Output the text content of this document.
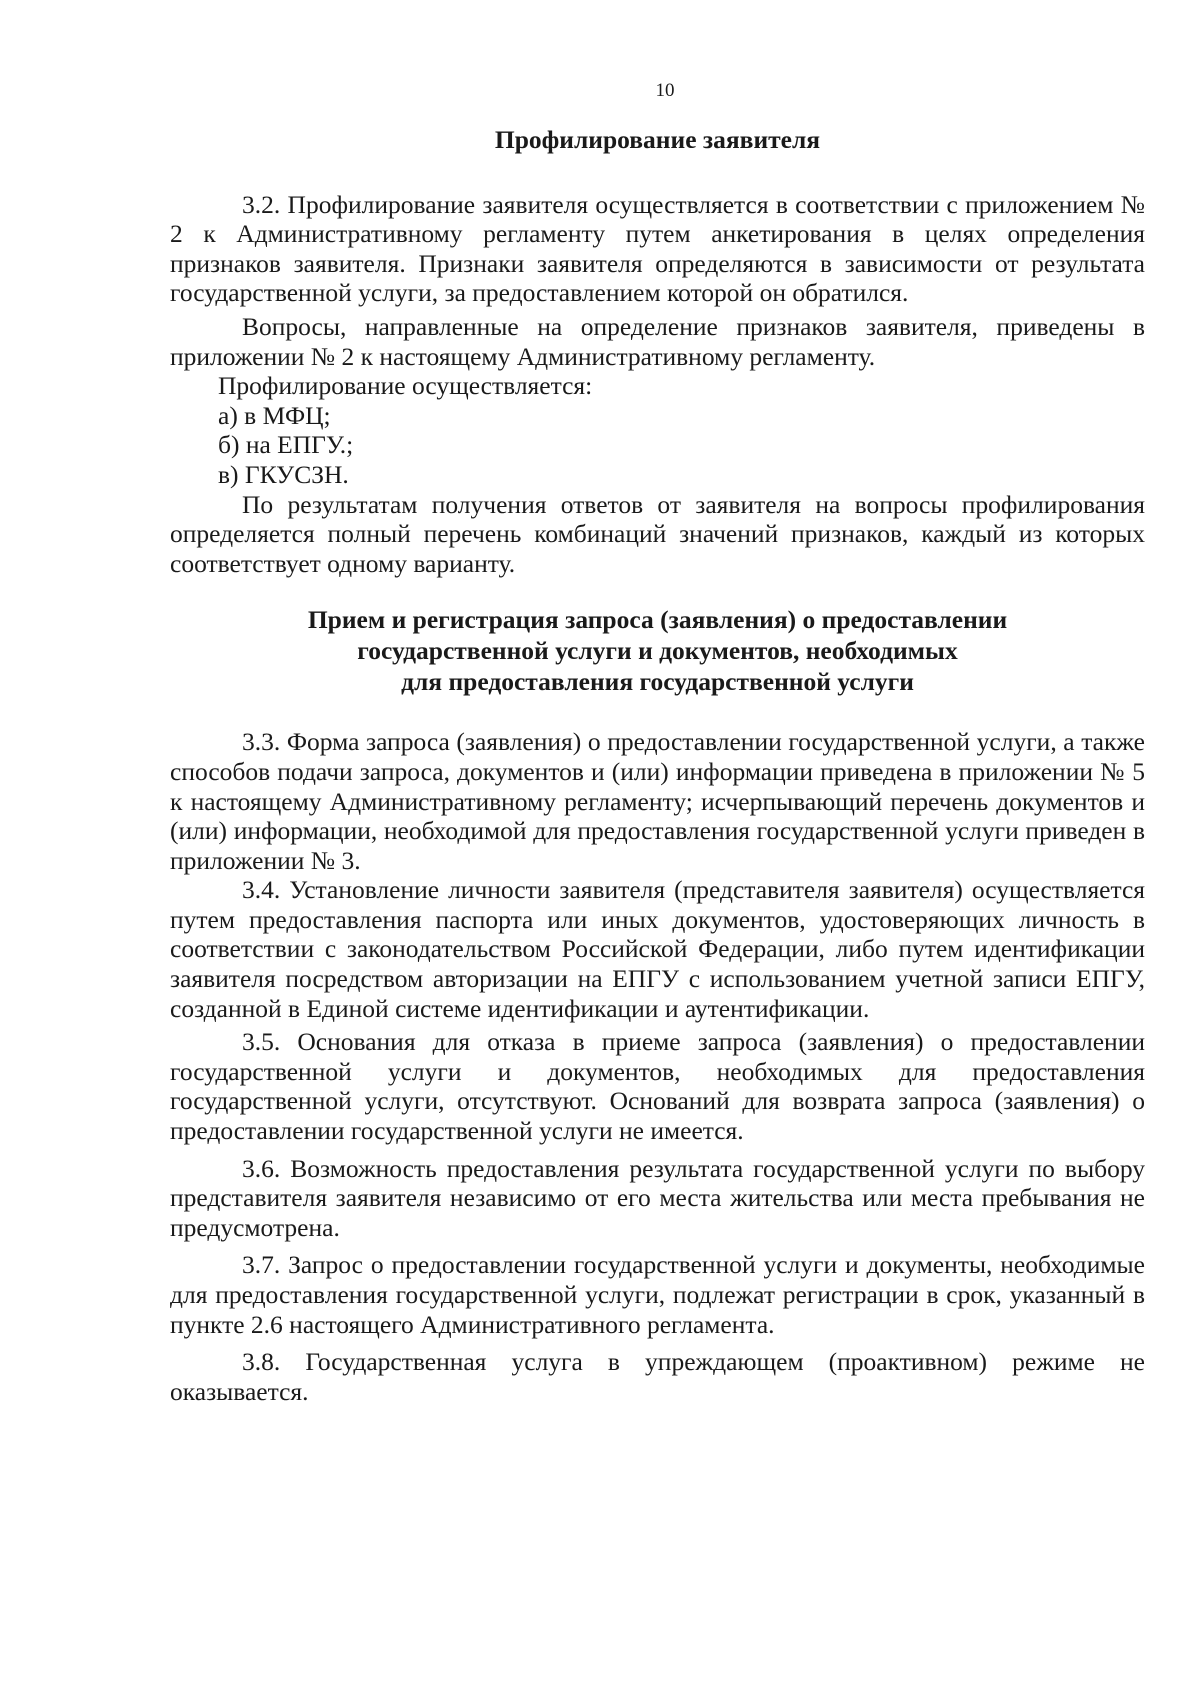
10
Профилирование заявителя

3.2. Профилирование заявителя осуществляется в соответствии с приложением № 2 к Административному регламенту путем анкетирования в целях определения признаков заявителя. Признаки заявителя определяются в зависимости от результата государственной услуги, за предоставлением которой он обратился.

Вопросы, направленные на определение признаков заявителя, приведены в приложении № 2 к настоящему Административному регламенту.

Профилирование осуществляется:

а) в МФЦ;

б) на ЕПГУ.;

в) ГКУСЗН.

По результатам получения ответов от заявителя на вопросы профилирования определяется полный перечень комбинаций значений признаков, каждый из которых соответствует одному варианту.

Прием и регистрация запроса (заявления) о предоставлении
государственной услуги и документов, необходимых
для предоставления государственной услуги

3.3. Форма запроса (заявления) о предоставлении государственной услуги, а также способов подачи запроса, документов и (или) информации приведена в приложении № 5 к настоящему Административному регламенту; исчерпывающий перечень документов и (или) информации, необходимой для предоставления государственной услуги приведен в приложении № 3.

3.4. Установление личности заявителя (представителя заявителя) осуществляется путем предоставления паспорта или иных документов, удостоверяющих личность в соответствии с законодательством Российской Федерации, либо путем идентификации заявителя посредством авторизации на ЕПГУ с использованием учетной записи ЕПГУ, созданной в Единой системе идентификации и аутентификации.

3.5. Основания для отказа в приеме запроса (заявления) о предоставлении государственной услуги и документов, необходимых для предоставления государственной услуги, отсутствуют. Оснований для возврата запроса (заявления) о предоставлении государственной услуги не имеется.

3.6. Возможность предоставления результата государственной услуги по выбору представителя заявителя независимо от его места жительства или места пребывания не предусмотрена.

3.7. Запрос о предоставлении государственной услуги и документы, необходимые для предоставления государственной услуги, подлежат регистрации в срок, указанный в пункте 2.6 настоящего Административного регламента.

3.8. Государственная услуга в упреждающем (проактивном) режиме не оказывается.
